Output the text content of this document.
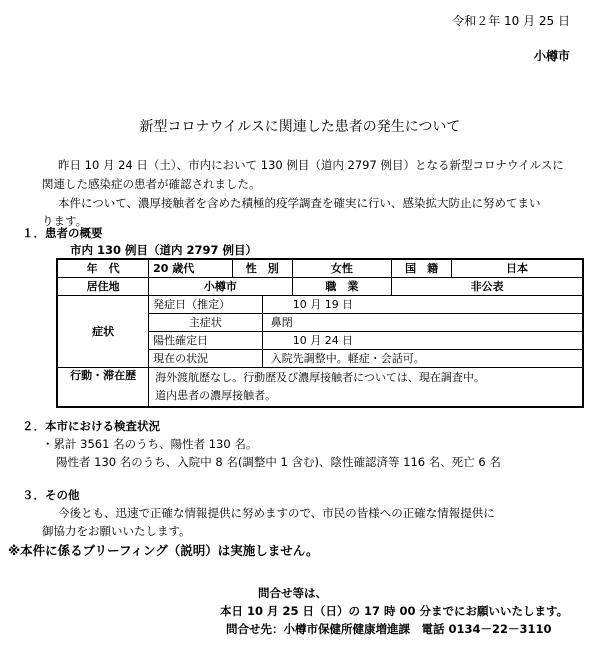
令和２年 10 月 25 日
小樽市
新型コロナウイルスに関連した患者の発生について
昨日 10 月 24 日（土）、市内において 130 例目（道内 2797 例目）となる新型コロナウイルスに
関連した感染症の患者が確認されました。
本件について、濃厚接触者を含めた積極的疫学調査を確実に行い、感染拡大防止に努めてまい
ります。
１．患者の概要
市内 130 例目（道内 2797 例目）
年　代	20 歳代	性　別		女性	国　籍	日本
居住地	小樽市			職　業	非公表	
症状	発症日（推定）		10 月 19 日			
	主症状		鼻閉			
	陽性確定日		10 月 24 日			
	現在の状況		入院先調整中。軽症・会話可。			
行動・滞在歴	海外渡航歴なし。行動歴及び濃厚接触者については、現在調査中。
道内患者の濃厚接触者。					
２．本市における検査状況
・累計 3561 名のうち、陽性者 130 名。
陽性者 130 名のうち、入院中 8 名(調整中 1 含む)、陰性確認済等 116 名、死亡 6 名
３．その他
今後とも、迅速で正確な情報提供に努めますので、市民の皆様への正確な情報提供に
御協力をお願いいたします。
※本件に係るブリーフィング（説明）は実施しません。
問合せ等は、
本日 10 月 25 日（日）の 17 時 00 分までにお願いいたします。
問合せ先：小樽市保健所健康増進課　電話 0134－22－3110
